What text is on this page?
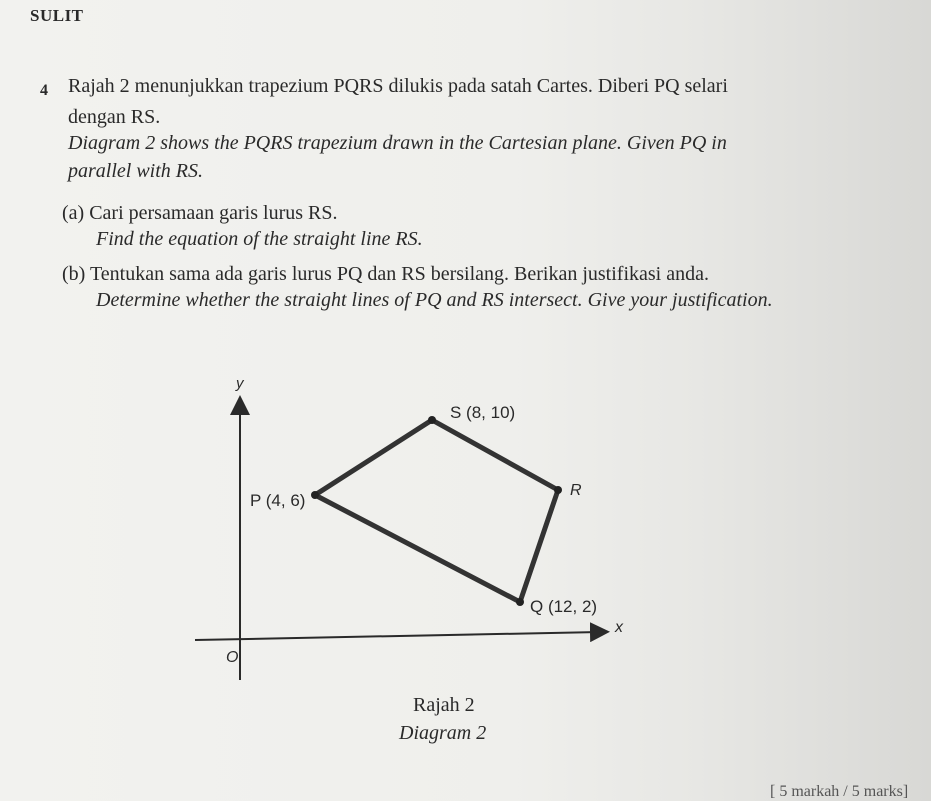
SULIT
4 Rajah 2 menunjukkan trapezium PQRS dilukis pada satah Cartes. Diberi PQ selari
dengan RS.
Diagram 2 shows the PQRS trapezium drawn in the Cartesian plane. Given PQ in
parallel with RS.
(a) Cari persamaan garis lurus RS.
Find the equation of the straight line RS.
(b) Tentukan sama ada garis lurus PQ dan RS bersilang. Berikan justifikasi anda.
Determine whether the straight lines of PQ and RS intersect. Give your justification.
y
x
O
S (8, 10)
P (4, 6)
R
Q (12, 2)
Rajah 2
Diagram 2
[ 5 markah / 5 marks]
